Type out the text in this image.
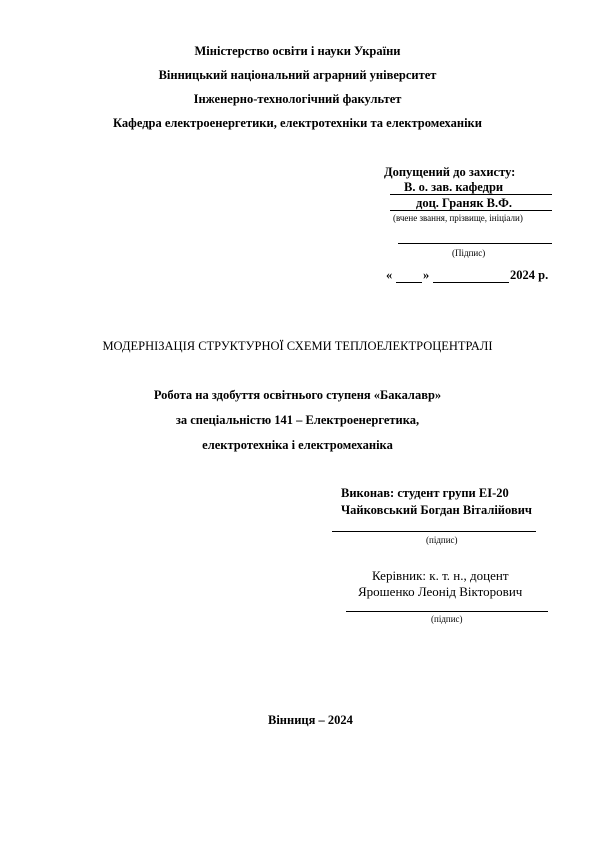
Міністерство освіти і науки України
Вінницький національний аграрний університет
Інженерно-технологічний факультет
Кафедра електроенергетики, електротехніки та електромеханіки
Допущений до захисту:
В. о. зав. кафедри
доц. Граняк В.Ф.
(вчене звання, прізвище, ініціали)
(Підпис)
« »	2024 р.
МОДЕРНІЗАЦІЯ СТРУКТУРНОЇ СХЕМИ ТЕПЛОЕЛЕКТРОЦЕНТРАЛІ
Робота на здобуття освітнього ступеня «Бакалавр»
за спеціальністю 141 – Електроенергетика,
електротехніка і електромеханіка
Виконав: студент групи ЕІ-20
Чайковський Богдан Віталійович
(підпис)
Керівник: к. т. н., доцент
Ярошенко Леонід Вікторович
(підпис)
Вінниця – 2024
